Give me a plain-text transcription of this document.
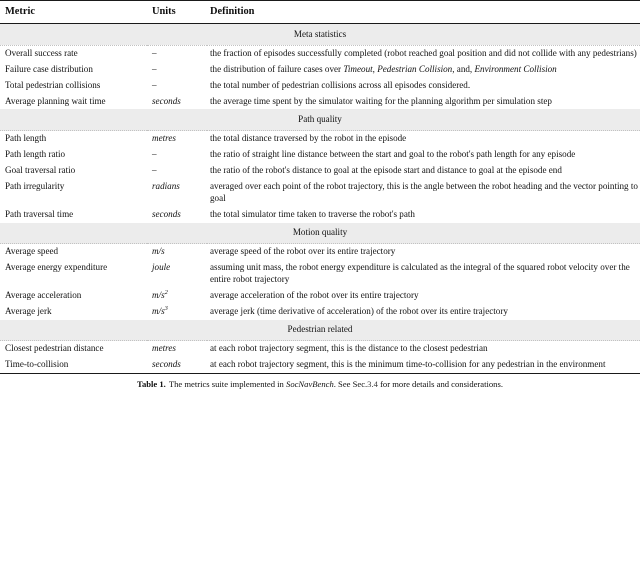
Metric	Units	Definition
Meta statistics		
Overall success rate	–	the fraction of episodes successfully completed (robot reached goal position and did not collide with any pedestrians)
Failure case distribution	–	the distribution of failure cases over Timeout, Pedestrian Collision, and, Environment Collision
Total pedestrian collisions	–	the total number of pedestrian collisions across all episodes considered.
Average planning wait time	seconds	the average time spent by the simulator waiting for the planning algorithm per simulation step
Path quality		
Path length	metres	the total distance traversed by the robot in the episode
Path length ratio	–	the ratio of straight line distance between the start and goal to the robot's path length for any episode
Goal traversal ratio	–	the ratio of the robot's distance to goal at the episode start and distance to goal at the episode end
Path irregularity	radians	averaged over each point of the robot trajectory, this is the angle between the robot heading and the vector pointing to goal
Path traversal time	seconds	the total simulator time taken to traverse the robot's path
Motion quality		
Average speed	m/s	average speed of the robot over its entire trajectory
Average energy expenditure	joule	assuming unit mass, the robot energy expenditure is calculated as the integral of the squared robot velocity over the entire robot trajectory
Average acceleration	$m/s^2$	average acceleration of the robot over its entire trajectory
Average jerk	$m/s^3$	average jerk (time derivative of acceleration) of the robot over its entire trajectory
Pedestrian related		
Closest pedestrian distance	metres	at each robot trajectory segment, this is the distance to the closest pedestrian
Time-to-collision	seconds	at each robot trajectory segment, this is the minimum time-to-collision for any pedestrian in the environment
Table 1. The metrics suite implemented in SocNavBench. See Sec.3.4 for more details and considerations.
